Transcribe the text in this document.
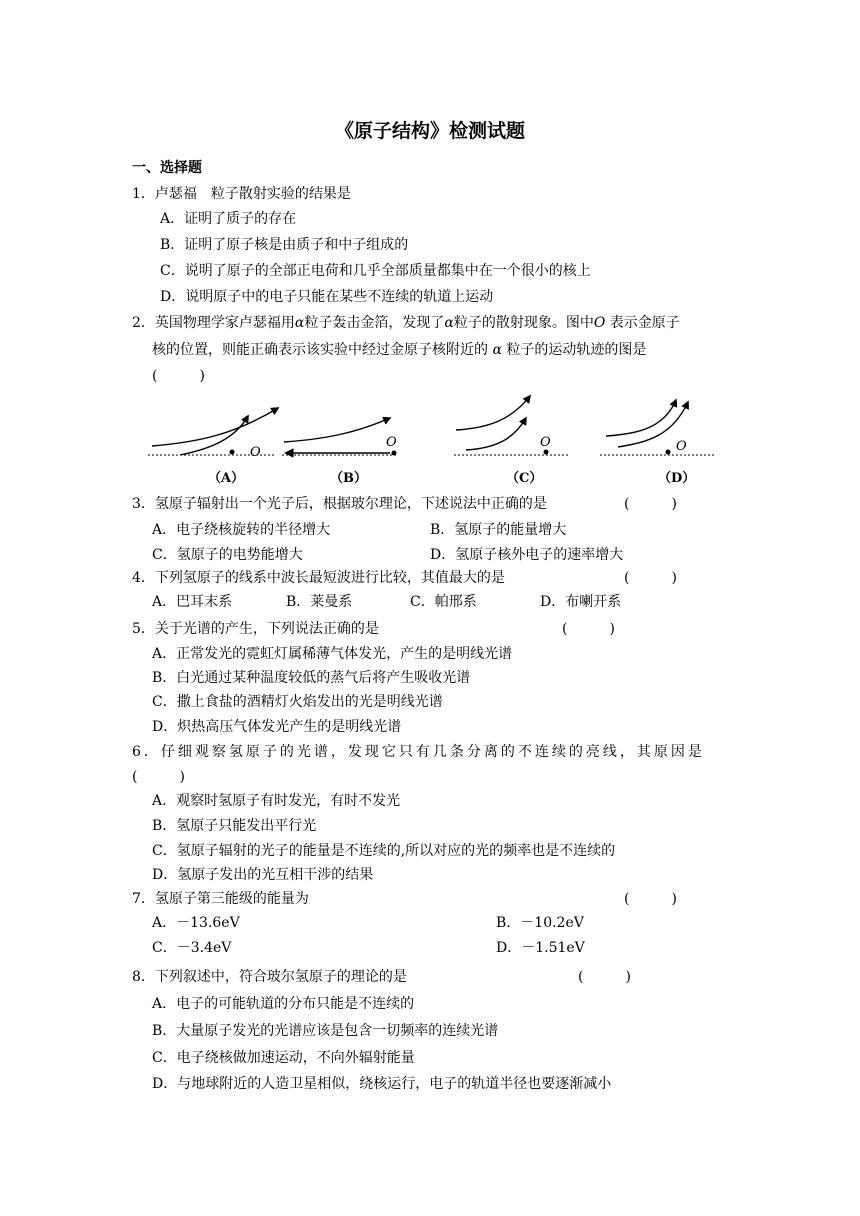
《原子结构》检测试题
一、选择题
1．卢瑟福　粒子散射实验的结果是
A．证明了质子的存在
B．证明了原子核是由质子和中子组成的
C．说明了原子的全部正电荷和几乎全部质量都集中在一个很小的核上
D．说明原子中的电子只能在某些不连续的轨道上运动
2．英国物理学家卢瑟福用α粒子轰击金箔，发现了α粒子的散射现象。图中O 表示金原子
核的位置，则能正确表示该实验中经过金原子核附近的 α 粒子的运动轨迹的图是
(　　　)
O
（A）
O
（B）
O
（C）
O
（D）
3．氢原子辐射出一个光子后，根据玻尔理论，下述说法中正确的是	(　　　)
A．电子绕核旋转的半径增大	B．氢原子的能量增大
C．氢原子的电势能增大	D．氢原子核外电子的速率增大
4．下列氢原子的线系中波长最短波进行比较，其值最大的是	(　　　)
A．巴耳末系	B．莱曼系	C．帕邢系	D．布喇开系
5．关于光谱的产生，下列说法正确的是	(　　　)
A．正常发光的霓虹灯属稀薄气体发光，产生的是明线光谱
B．白光通过某种温度较低的蒸气后将产生吸收光谱
C．撒上食盐的酒精灯火焰发出的光是明线光谱
D．炽热高压气体发光产生的是明线光谱
6．仔细观察氢原子的光谱，发现它只有几条分离的不连续的亮线，其原因是
(　　　)
A．观察时氢原子有时发光，有时不发光
B．氢原子只能发出平行光
C．氢原子辐射的光子的能量是不连续的,所以对应的光的频率也是不连续的
D．氢原子发出的光互相干涉的结果
7．氢原子第三能级的能量为	(　　　)
A．－13.6eV	B．－10.2eV
C．－3.4eV	D．－1.51eV
8．下列叙述中，符合玻尔氢原子的理论的是	(　　　)
A．电子的可能轨道的分布只能是不连续的
B．大量原子发光的光谱应该是包含一切频率的连续光谱
C．电子绕核做加速运动，不向外辐射能量
D．与地球附近的人造卫星相似，绕核运行，电子的轨道半径也要逐渐减小
